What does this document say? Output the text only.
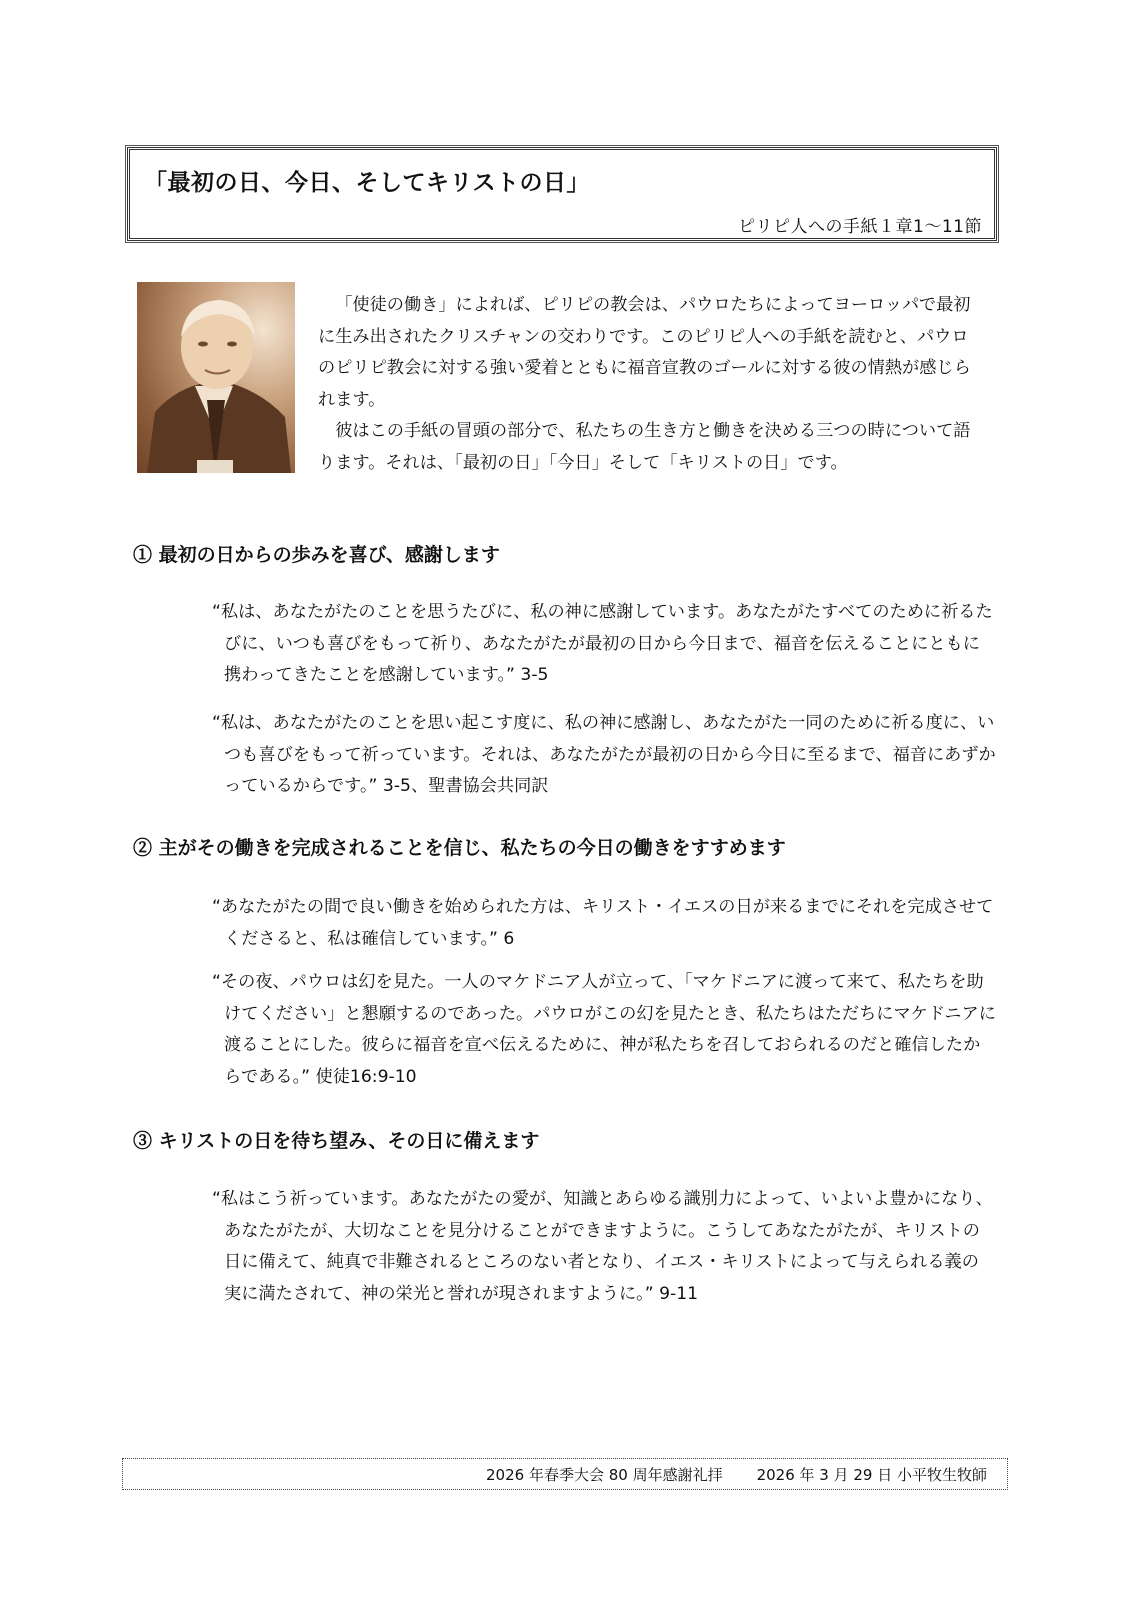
「最初の日、今日、そしてキリストの日」
ピリピ人への手紙１章1～11節

「使徒の働き」によれば、ピリピの教会は、パウロたちによってヨーロッパで最初に生み出されたクリスチャンの交わりです。このピリピ人への手紙を読むと、パウロのピリピ教会に対する強い愛着とともに福音宣教のゴールに対する彼の情熱が感じられます。

彼はこの手紙の冒頭の部分で、私たちの生き方と働きを決める三つの時について語ります。それは、「最初の日」「今日」そして「キリストの日」です。

① 最初の日からの歩みを喜び、感謝します
“私は、あなたがたのことを思うたびに、私の神に感謝しています。あなたがたすべてのために祈るたびに、いつも喜びをもって祈り、あなたがたが最初の日から今日まで、福音を伝えることにともに携わってきたことを感謝しています。” 3-5
“私は、あなたがたのことを思い起こす度に、私の神に感謝し、あなたがた一同のために祈る度に、いつも喜びをもって祈っています。それは、あなたがたが最初の日から今日に至るまで、福音にあずかっているからです。” 3-5、聖書協会共同訳
② 主がその働きを完成されることを信じ、私たちの今日の働きをすすめます
“あなたがたの間で良い働きを始められた方は、キリスト・イエスの日が来るまでにそれを完成させてくださると、私は確信しています。” 6
“その夜、パウロは幻を見た。一人のマケドニア人が立って、「マケドニアに渡って来て、私たちを助けてください」と懇願するのであった。パウロがこの幻を見たとき、私たちはただちにマケドニアに渡ることにした。彼らに福音を宣べ伝えるために、神が私たちを召しておられるのだと確信したからである。” 使徒16:9-10
③ キリストの日を待ち望み、その日に備えます
“私はこう祈っています。あなたがたの愛が、知識とあらゆる識別力によって、いよいよ豊かになり、あなたがたが、大切なことを見分けることができますように。こうしてあなたがたが、キリストの日に備えて、純真で非難されるところのない者となり、イエス・キリストによって与えられる義の実に満たされて、神の栄光と誉れが現されますように。” 9-11
2026 年春季大会 80 周年感謝礼拝 2026 年 3 月 29 日 小平牧生牧師
